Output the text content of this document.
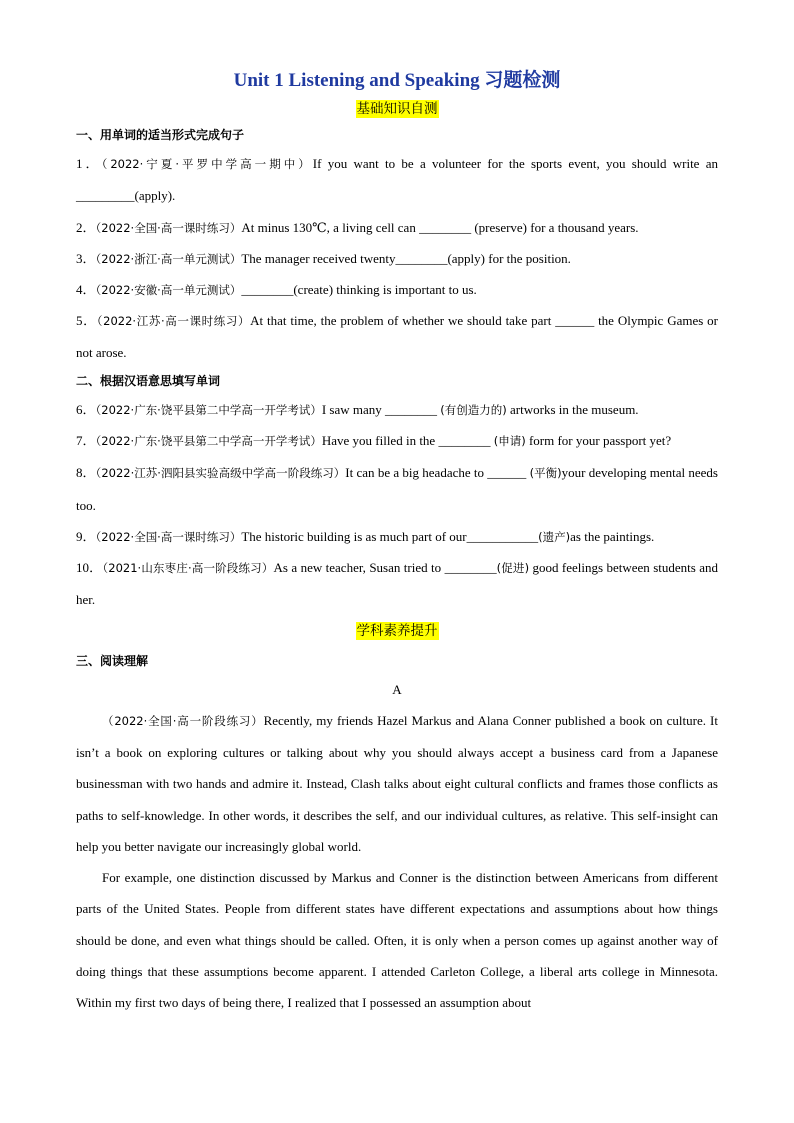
Unit 1 Listening and Speaking 习题检测
基础知识自测
一、用单词的适当形式完成句子
1．（2022·宁夏·平罗中学高一期中）If you want to be a volunteer for the sports event, you should write an _________(apply).
2．（2022·全国·高一课时练习）At minus 130℃, a living cell can ________ (preserve) for a thousand years.
3．（2022·浙江·高一单元测试）The manager received twenty________(apply) for the position.
4．（2022·安徽·高一单元测试）________(create) thinking is important to us.
5．（2022·江苏·高一课时练习）At that time, the problem of whether we should take part ______ the Olympic Games or not arose.
二、根据汉语意思填写单词
6．（2022·广东·饶平县第二中学高一开学考试）I saw many ________ (有创造力的) artworks in the museum.
7．（2022·广东·饶平县第二中学高一开学考试）Have you filled in the ________ (申请) form for your passport yet?
8．（2022·江苏·泗阳县实验高级中学高一阶段练习）It can be a big headache to ______ (平衡)your developing mental needs too.
9．（2022·全国·高一课时练习）The historic building is as much part of our___________(遗产)as the paintings.
10．（2021·山东枣庄·高一阶段练习）As a new teacher, Susan tried to ________(促进) good feelings between students and her.
学科素养提升
三、阅读理解
A

（2022·全国·高一阶段练习）Recently, my friends Hazel Markus and Alana Conner published a book on culture. It isn’t a book on exploring cultures or talking about why you should always accept a business card from a Japanese businessman with two hands and admire it. Instead, Clash talks about eight cultural conflicts and frames those conflicts as paths to self-knowledge. In other words, it describes the self, and our individual cultures, as relative. This self-insight can help you better navigate our increasingly global world.

For example, one distinction discussed by Markus and Conner is the distinction between Americans from different parts of the United States. People from different states have different expectations and assumptions about how things should be done, and even what things should be called. Often, it is only when a person comes up against another way of doing things that these assumptions become apparent. I attended Carleton College, a liberal arts college in Minnesota. Within my first two days of being there, I realized that I possessed an assumption about
